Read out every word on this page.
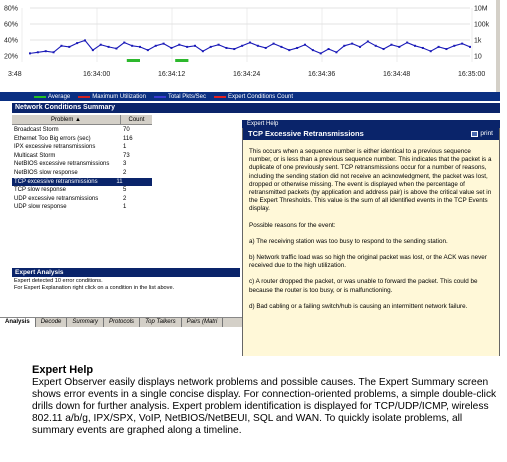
80%
60%
40%
20%
10M
100k
1k
10
3:48	16:34:00	16:34:12	16:34:24	16:34:36	16:34:48	16:35:00
Average	Maximum Utilization	Total Pkts/Sec	Expert Conditions Count
Network Conditions Summary
Problem ▲	Count
Broadcast Storm	70
Ethernet Too Big errors (sec)	116
IPX excessive retransmissions	1
Multicast Storm	73
NetBIOS excessive retransmissions	3
NetBIOS slow response	2
TCP excessive retransmissions	11
TCP slow response	5
UDP excessive retransmissions	2
UDP slow response	1
Expert Analysis
Expert detected 10 error conditions.
For Expert Explanation right click on a condition in the list above.
Analysis	Decode	Summary	Protocols	Top Talkers	Pairs (Matri
Expert Help
TCP Excessive Retransmissions	print

This occurs when a sequence number is either identical to a previous sequence number, or is less than a previous sequence number. This indicates that the packet is a duplicate of one previously sent. TCP retransmissions occur for a number of reasons, including the sending station did not receive an acknowledgment, the packet was lost, dropped or otherwise missing. The event is displayed when the percentage of retransmitted packets (by application and address pair) is above the critical value set in the Expert Thresholds. This value is the sum of all identified events in the TCP Events display.

Possible reasons for the event:

a) The receiving station was too busy to respond to the sending station.

b) Network traffic load was so high the original packet was lost, or the ACK was never received due to the high utilization.

c) A router dropped the packet, or was unable to forward the packet. This could be because the router is too busy, or is malfunctioning.

d) Bad cabling or a failing switch/hub is causing an intermittent network failure.

Expert Help
Expert Observer easily displays network problems and possible causes. The Expert Summary screen shows error events in a single concise display. For connection-oriented problems, a simple double-click drills down for further analysis. Expert problem identification is displayed for TCP/UDP/ICMP, wireless 802.11 a/b/g, IPX/SPX, VoIP, NetBIOS/NetBEUI, SQL and WAN. To quickly isolate problems, all summary events are graphed along a timeline.
